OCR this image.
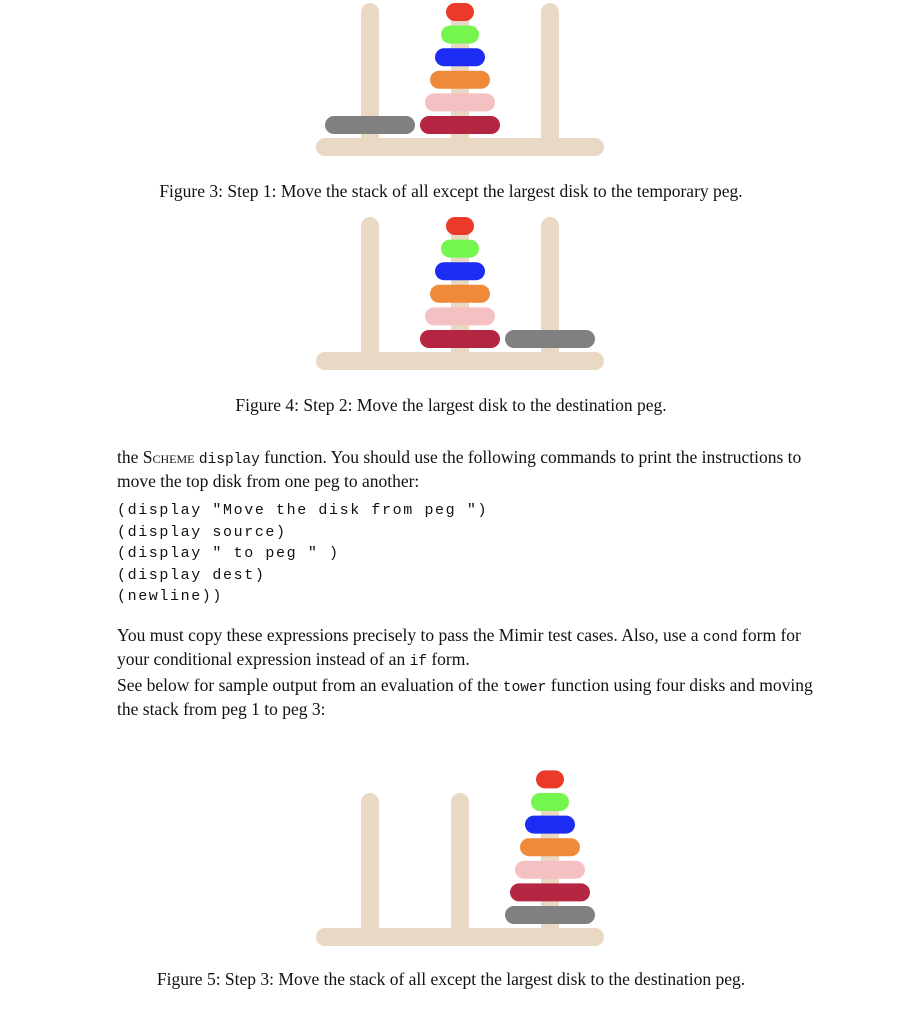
Figure 3: Step 1: Move the stack of all except the largest disk to the temporary peg.
Figure 4: Step 2: Move the largest disk to the destination peg.
the Scheme display function. You should use the following commands to print the instructions to move the top disk from one peg to another:
(display "Move the disk from peg ")
(display source)
(display " to peg " )
(display dest)
(newline))
You must copy these expressions precisely to pass the Mimir test cases. Also, use a cond form for your conditional expression instead of an if form.
See below for sample output from an evaluation of the tower function using four disks and moving the stack from peg 1 to peg 3:
Figure 5: Step 3: Move the stack of all except the largest disk to the destination peg.
